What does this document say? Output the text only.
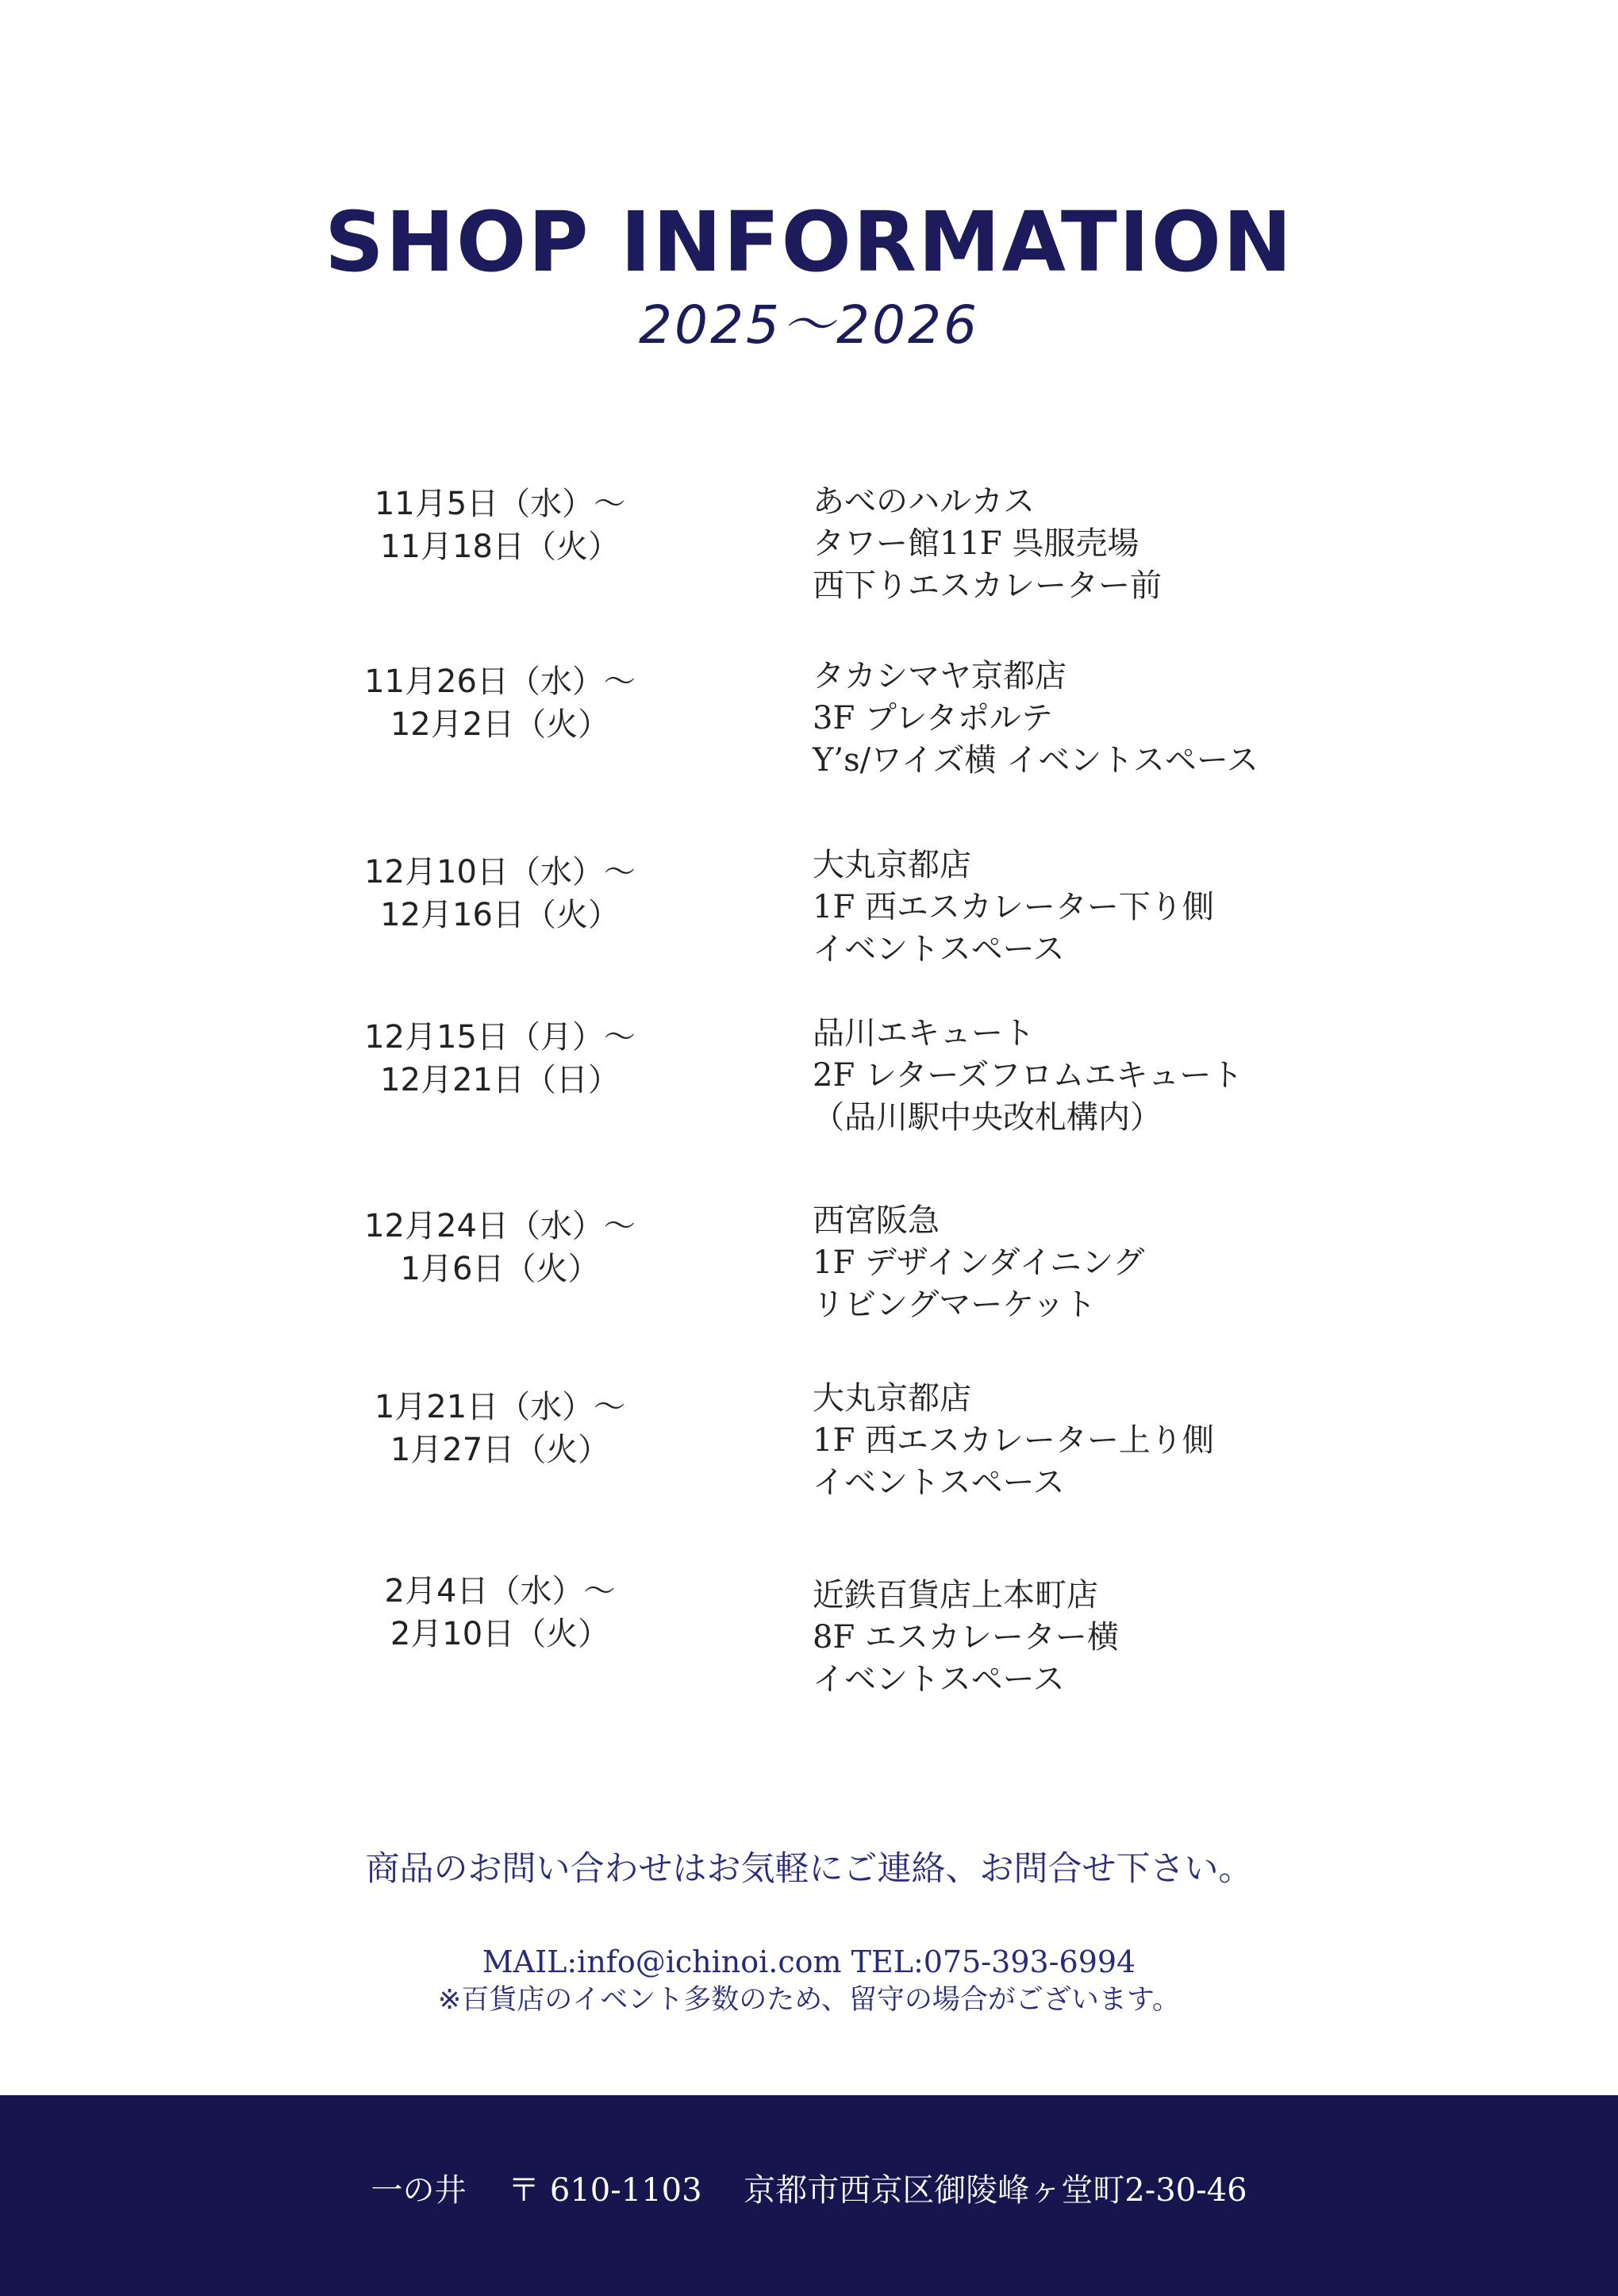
SHOP INFORMATION
2025〜2026
11月5日（水）〜
11月18日（火）
あべのハルカス
タワー館11F 呉服売場
西下りエスカレーター前
11月26日（水）〜
12月2日（火）
タカシマヤ京都店
3F プレタポルテ
Y’s/ワイズ横 イベントスペース
12月10日（水）〜
12月16日（火）
大丸京都店
1F 西エスカレーター下り側
イベントスペース
12月15日（月）〜
12月21日（日）
品川エキュート
2F レターズフロムエキュート
（品川駅中央改札構内）
12月24日（水）〜
1月6日（火）
西宮阪急
1F デザインダイニング
リビングマーケット
1月21日（水）〜
1月27日（火）
大丸京都店
1F 西エスカレーター上り側
イベントスペース
2月4日（水）〜
2月10日（火）
近鉄百貨店上本町店
8F エスカレーター横
イベントスペース
商品のお問い合わせはお気軽にご連絡、お問合せ下さい。
MAIL:info@ichinoi.com TEL:075-393-6994
※百貨店のイベント多数のため、留守の場合がございます。
一の井　 〒 610-1103　 京都市西京区御陵峰ヶ堂町2-30-46
